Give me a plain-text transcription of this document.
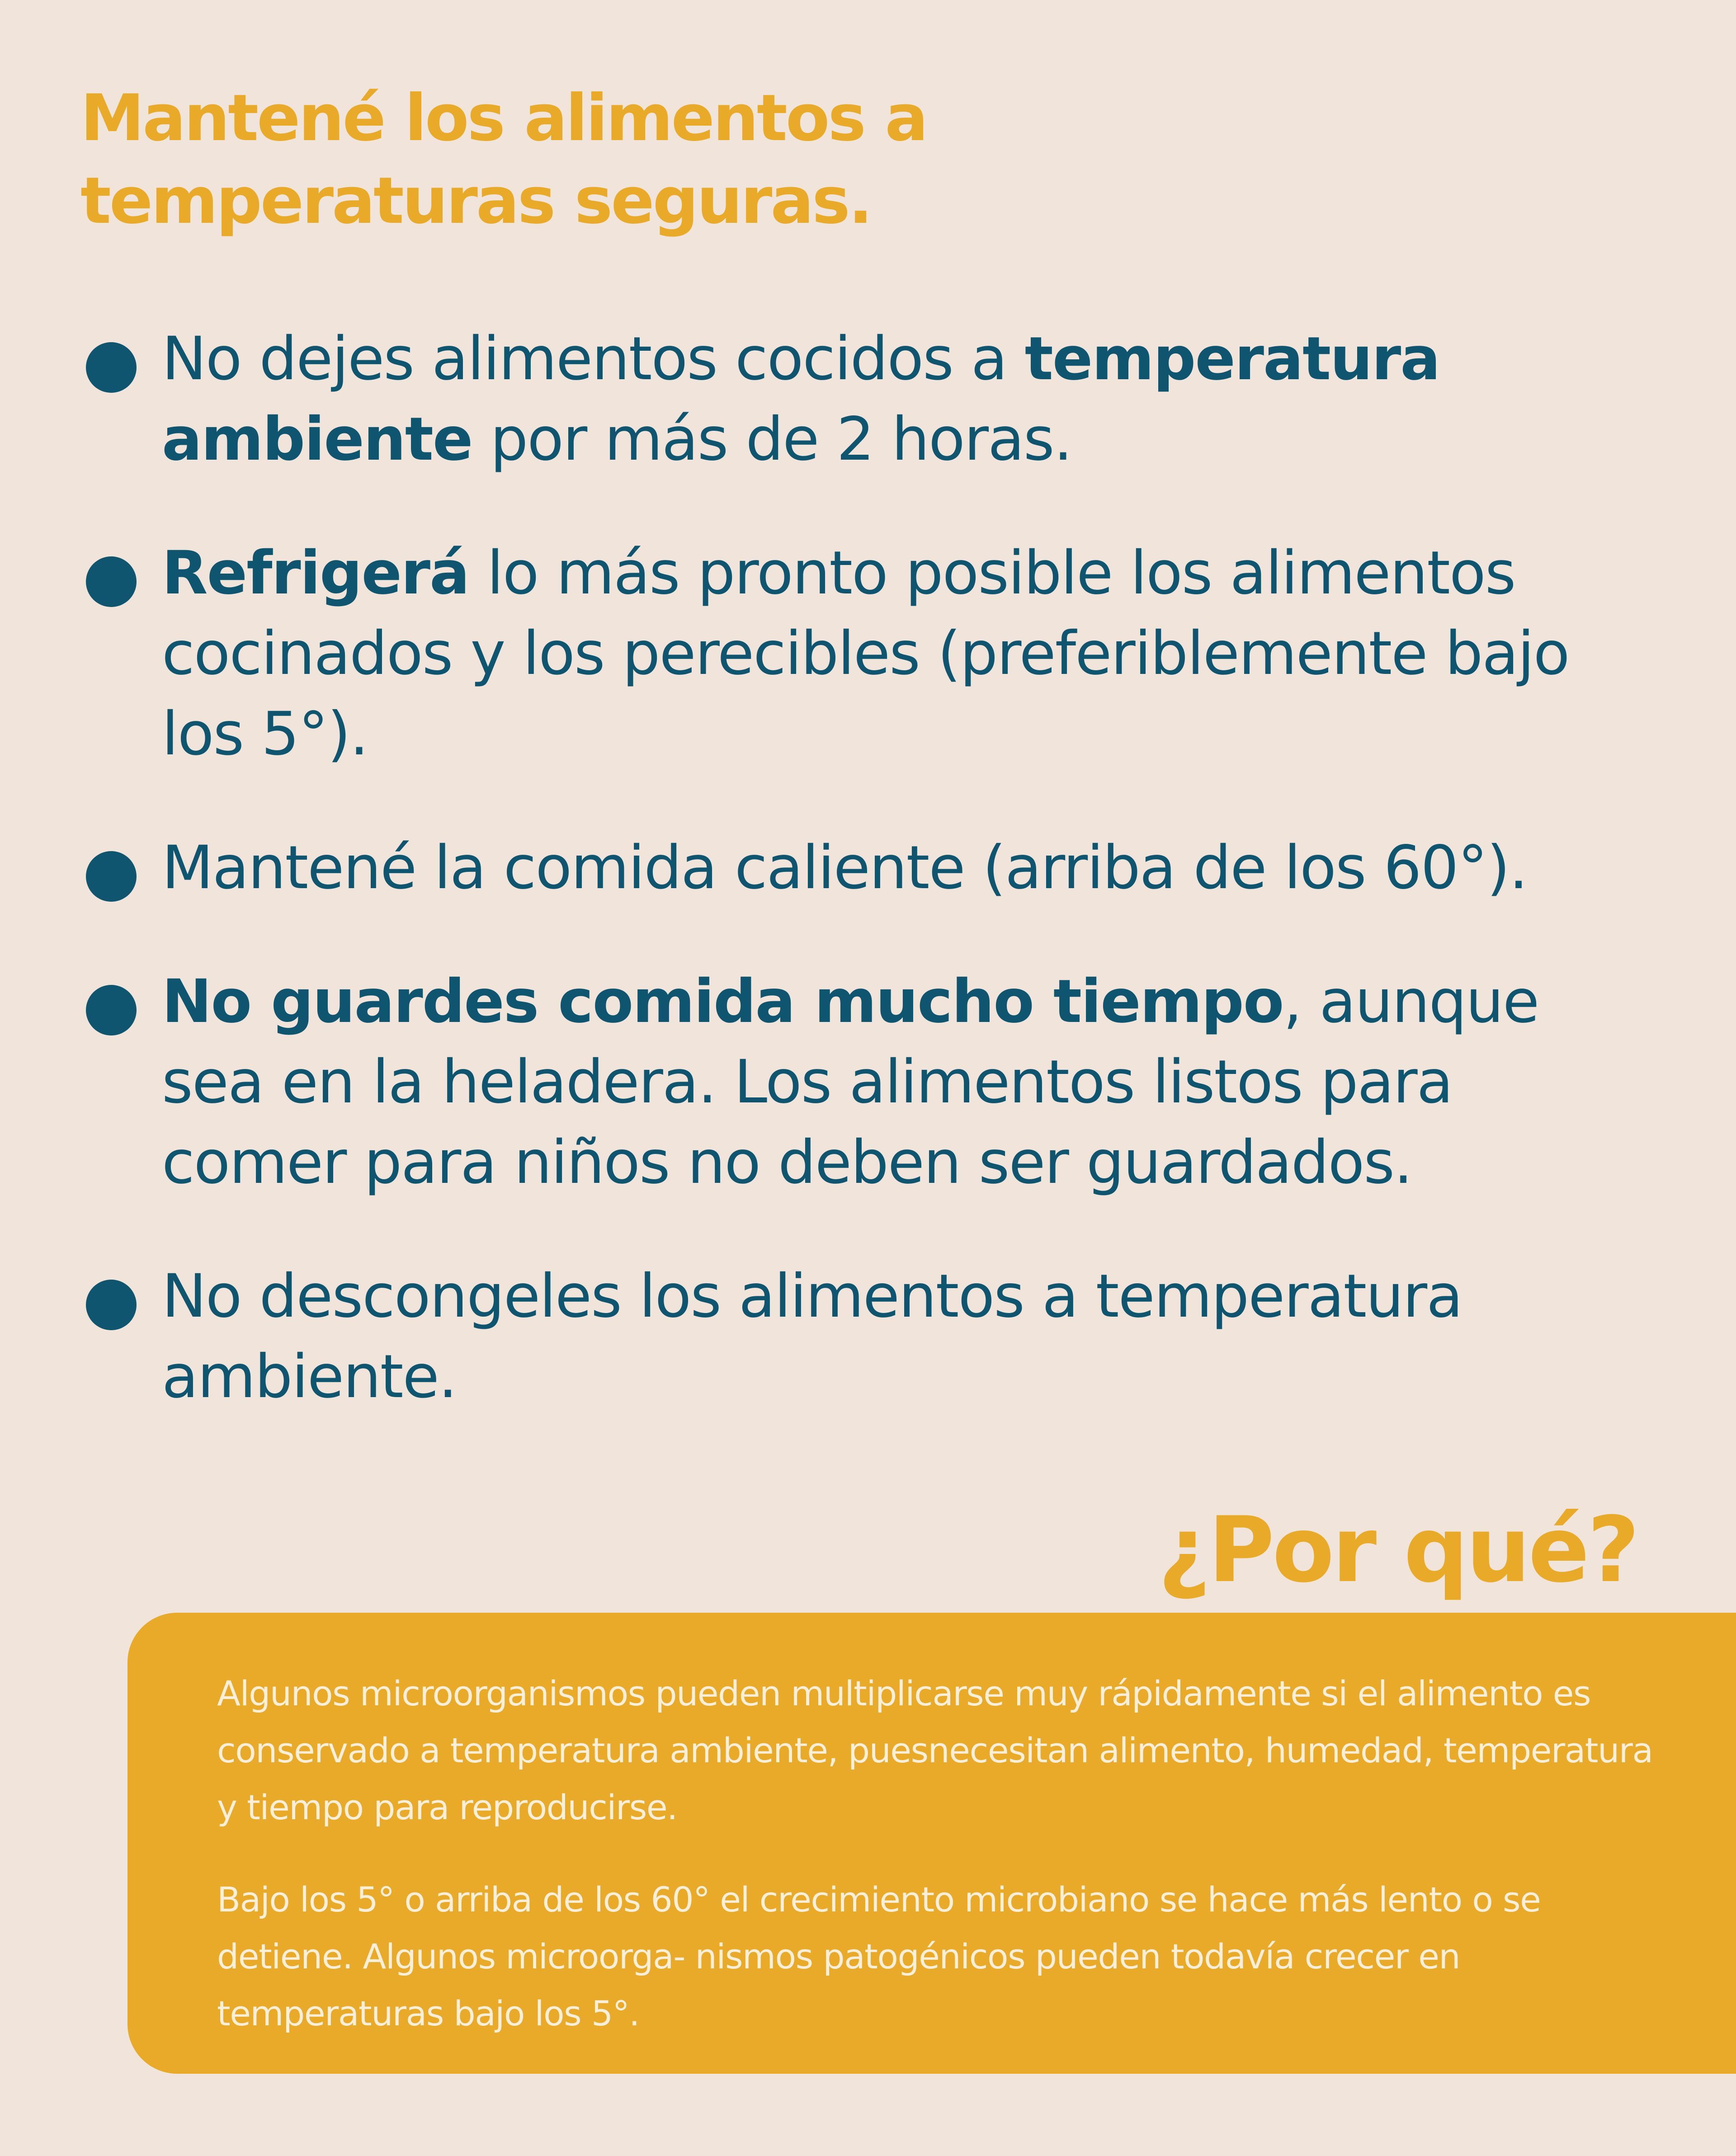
Mantené los alimentos a temperaturas seguras.
No dejes alimentos cocidos a temperatura ambiente por más de 2 horas.
Refrigerá lo más pronto posible los alimentos cocinados y los perecibles (preferiblemente bajo los 5°).
Mantené la comida caliente (arriba de los 60°).
No guardes comida mucho tiempo, aunque sea en la heladera. Los alimentos listos para comer para niños no deben ser guardados.
No descongeles los alimentos a temperatura ambiente.
¿Por qué?

Algunos microorganismos pueden multiplicarse muy rápidamente si el alimento es conservado a temperatura ambiente, puesnecesitan alimento, humedad, temperatura y tiempo para reproducirse.

Bajo los 5° o arriba de los 60° el crecimiento microbiano se hace más lento o se detiene. Algunos microorga- nismos patogénicos pueden todavía crecer en temperaturas bajo los 5°.
